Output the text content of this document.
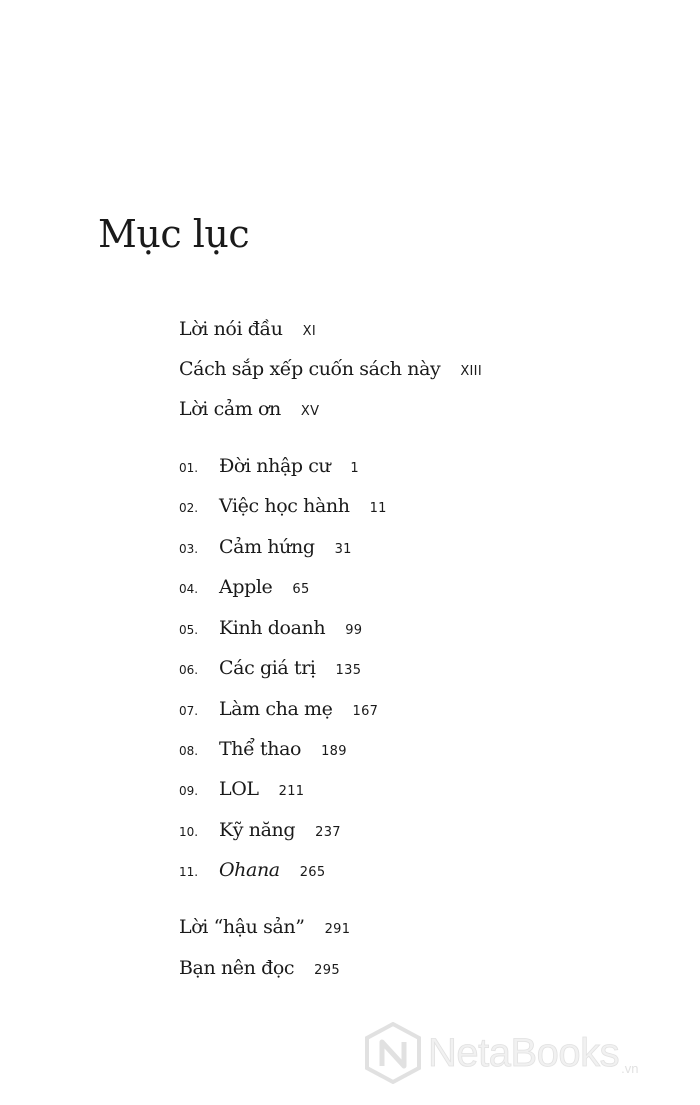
Mục lục
Lời nói đầu XI
Cách sắp xếp cuốn sách này XIII
Lời cảm ơn XV
01.	Đời nhập cư 1
02.	Việc học hành 11
03.	Cảm hứng 31
04.	Apple 65
05.	Kinh doanh 99
06.	Các giá trị 135
07.	Làm cha mẹ 167
08.	Thể thao 189
09.	LOL 211
10.	Kỹ năng 237
11.	Ohana 265
Lời “hậu sản” 291
Bạn nên đọc 295
NetaBooks .vn
